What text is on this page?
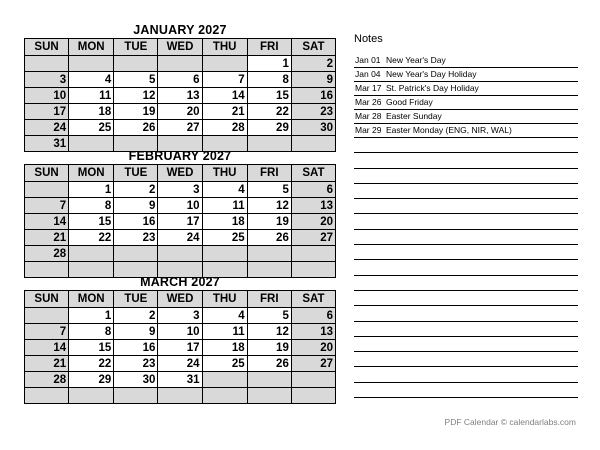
JANUARY 2027
SUN	MON	TUE	WED	THU	FRI	SAT
					1	2
3	4	5	6	7	8	9
10	11	12	13	14	15	16
17	18	19	20	21	22	23
24	25	26	27	28	29	30
31						
FEBRUARY 2027
SUN	MON	TUE	WED	THU	FRI	SAT
	1	2	3	4	5	6
7	8	9	10	11	12	13
14	15	16	17	18	19	20
21	22	23	24	25	26	27
28						

MARCH 2027
SUN	MON	TUE	WED	THU	FRI	SAT
	1	2	3	4	5	6
7	8	9	10	11	12	13
14	15	16	17	18	19	20
21	22	23	24	25	26	27
28	29	30	31			

Notes
Jan 01 New Year's Day
Jan 04 New Year's Day Holiday
Mar 17 St. Patrick's Day Holiday
Mar 26 Good Friday
Mar 28 Easter Sunday
Mar 29 Easter Monday (ENG, NIR, WAL)
PDF Calendar © calendarlabs.com
